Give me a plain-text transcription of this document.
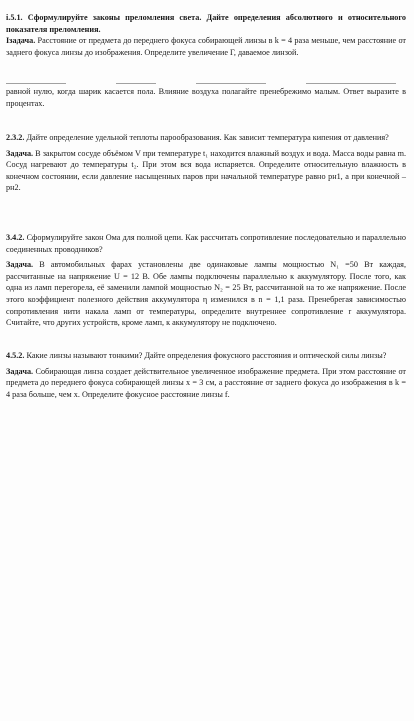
i.5.1. Сформулируйте законы преломления света. Дайте определения абсолютного и относительного показателя преломления.

Iзадача. Расстояние от предмета до переднего фокуса собирающей линзы в k = 4 раза меньше, чем расстояние от заднего фокуса линзы до изображения. Определите увеличение Г, даваемое линзой.

равной нулю, когда шарик касается пола. Влияние воздуха полагайте пренебрежимо малым. Ответ выразите в процентах.

2.3.2. Дайте определение удельной теплоты парообразования. Как зависит температура кипения от давления?

Задача. В закрытом сосуде объёмом V при температуре t₁ находится влажный воздух и вода. Масса воды равна m. Сосуд нагревают до температуры t₂. При этом вся вода испаряется. Определите относительную влажность в конечном состоянии, если давление насыщенных паров при начальной температуре равно pн1, а при конечной – pн2.

3.4.2. Сформулируйте закон Ома для полной цепи. Как рассчитать сопротивление последовательно и параллельно соединенных проводников?

Задача. В автомобильных фарах установлены две одинаковые лампы мощностью N₁ =50 Вт каждая, рассчитанные на напряжение U = 12 В. Обе лампы подключены параллельно к аккумулятору. После того, как одна из ламп перегорела, её заменили лампой мощностью N₂ = 25 Вт, рассчитанной на то же напряжение. После этого коэффициент полезного действия аккумулятора η изменился в n = 1,1 раза. Пренебрегая зависимостью сопротивления нити накала ламп от температуры, определите внутреннее сопротивление r аккумулятора. Считайте, что других устройств, кроме ламп, к аккумулятору не подключено.

4.5.2. Какие линзы называют тонкими? Дайте определения фокусного расстояния и оптической силы линзы?

Задача. Собирающая линза создает действительное увеличенное изображение предмета. При этом расстояние от предмета до переднего фокуса собирающей линзы x = 3 см, а расстояние от заднего фокуса до изображения в k = 4 раза больше, чем x. Определите фокусное расстояние линзы f.
